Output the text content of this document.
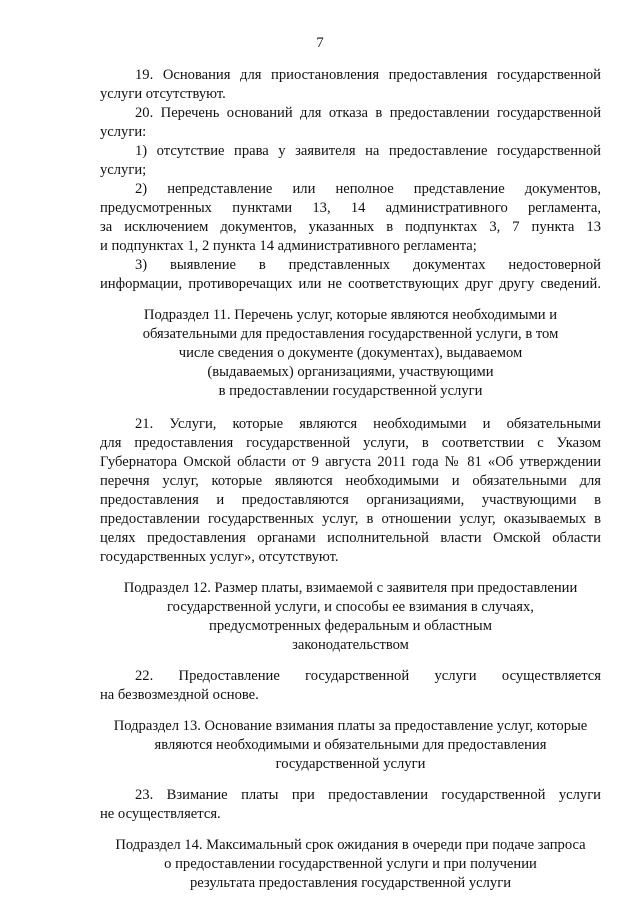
7
19. Основания для приостановления предоставления государственной
услуги отсутствуют.
20. Перечень оснований для отказа в предоставлении государственной
услуги:
1) отсутствие права у заявителя на предоставление государственной
услуги;
2) непредставление или неполное представление документов,
предусмотренных пунктами 13, 14 административного регламента,
за исключением документов, указанных в подпунктах 3, 7 пункта 13
и подпунктах 1, 2 пункта 14 административного регламента;
3) выявление в представленных документах недостоверной
информации, противоречащих или не соответствующих друг другу сведений.
Подраздел 11. Перечень услуг, которые являются необходимыми и
обязательными для предоставления государственной услуги, в том
числе сведения о документе (документах), выдаваемом
(выдаваемых) организациями, участвующими
в предоставлении государственной услуги
21. Услуги, которые являются необходимыми и обязательными
для предоставления государственной услуги, в соответствии с Указом
Губернатора Омской области от 9 августа 2011 года № 81 «Об утверждении
перечня услуг, которые являются необходимыми и обязательными для
предоставления и предоставляются организациями, участвующими в
предоставлении государственных услуг, в отношении услуг, оказываемых в
целях предоставления органами исполнительной власти Омской области
государственных услуг», отсутствуют.
Подраздел 12. Размер платы, взимаемой с заявителя при предоставлении
государственной услуги, и способы ее взимания в случаях,
предусмотренных федеральным и областным
законодательством
22. Предоставление государственной услуги осуществляется
на безвозмездной основе.
Подраздел 13. Основание взимания платы за предоставление услуг, которые
являются необходимыми и обязательными для предоставления
государственной услуги
23. Взимание платы при предоставлении государственной услуги
не осуществляется.
Подраздел 14. Максимальный срок ожидания в очереди при подаче запроса
о предоставлении государственной услуги и при получении
результата предоставления государственной услуги
